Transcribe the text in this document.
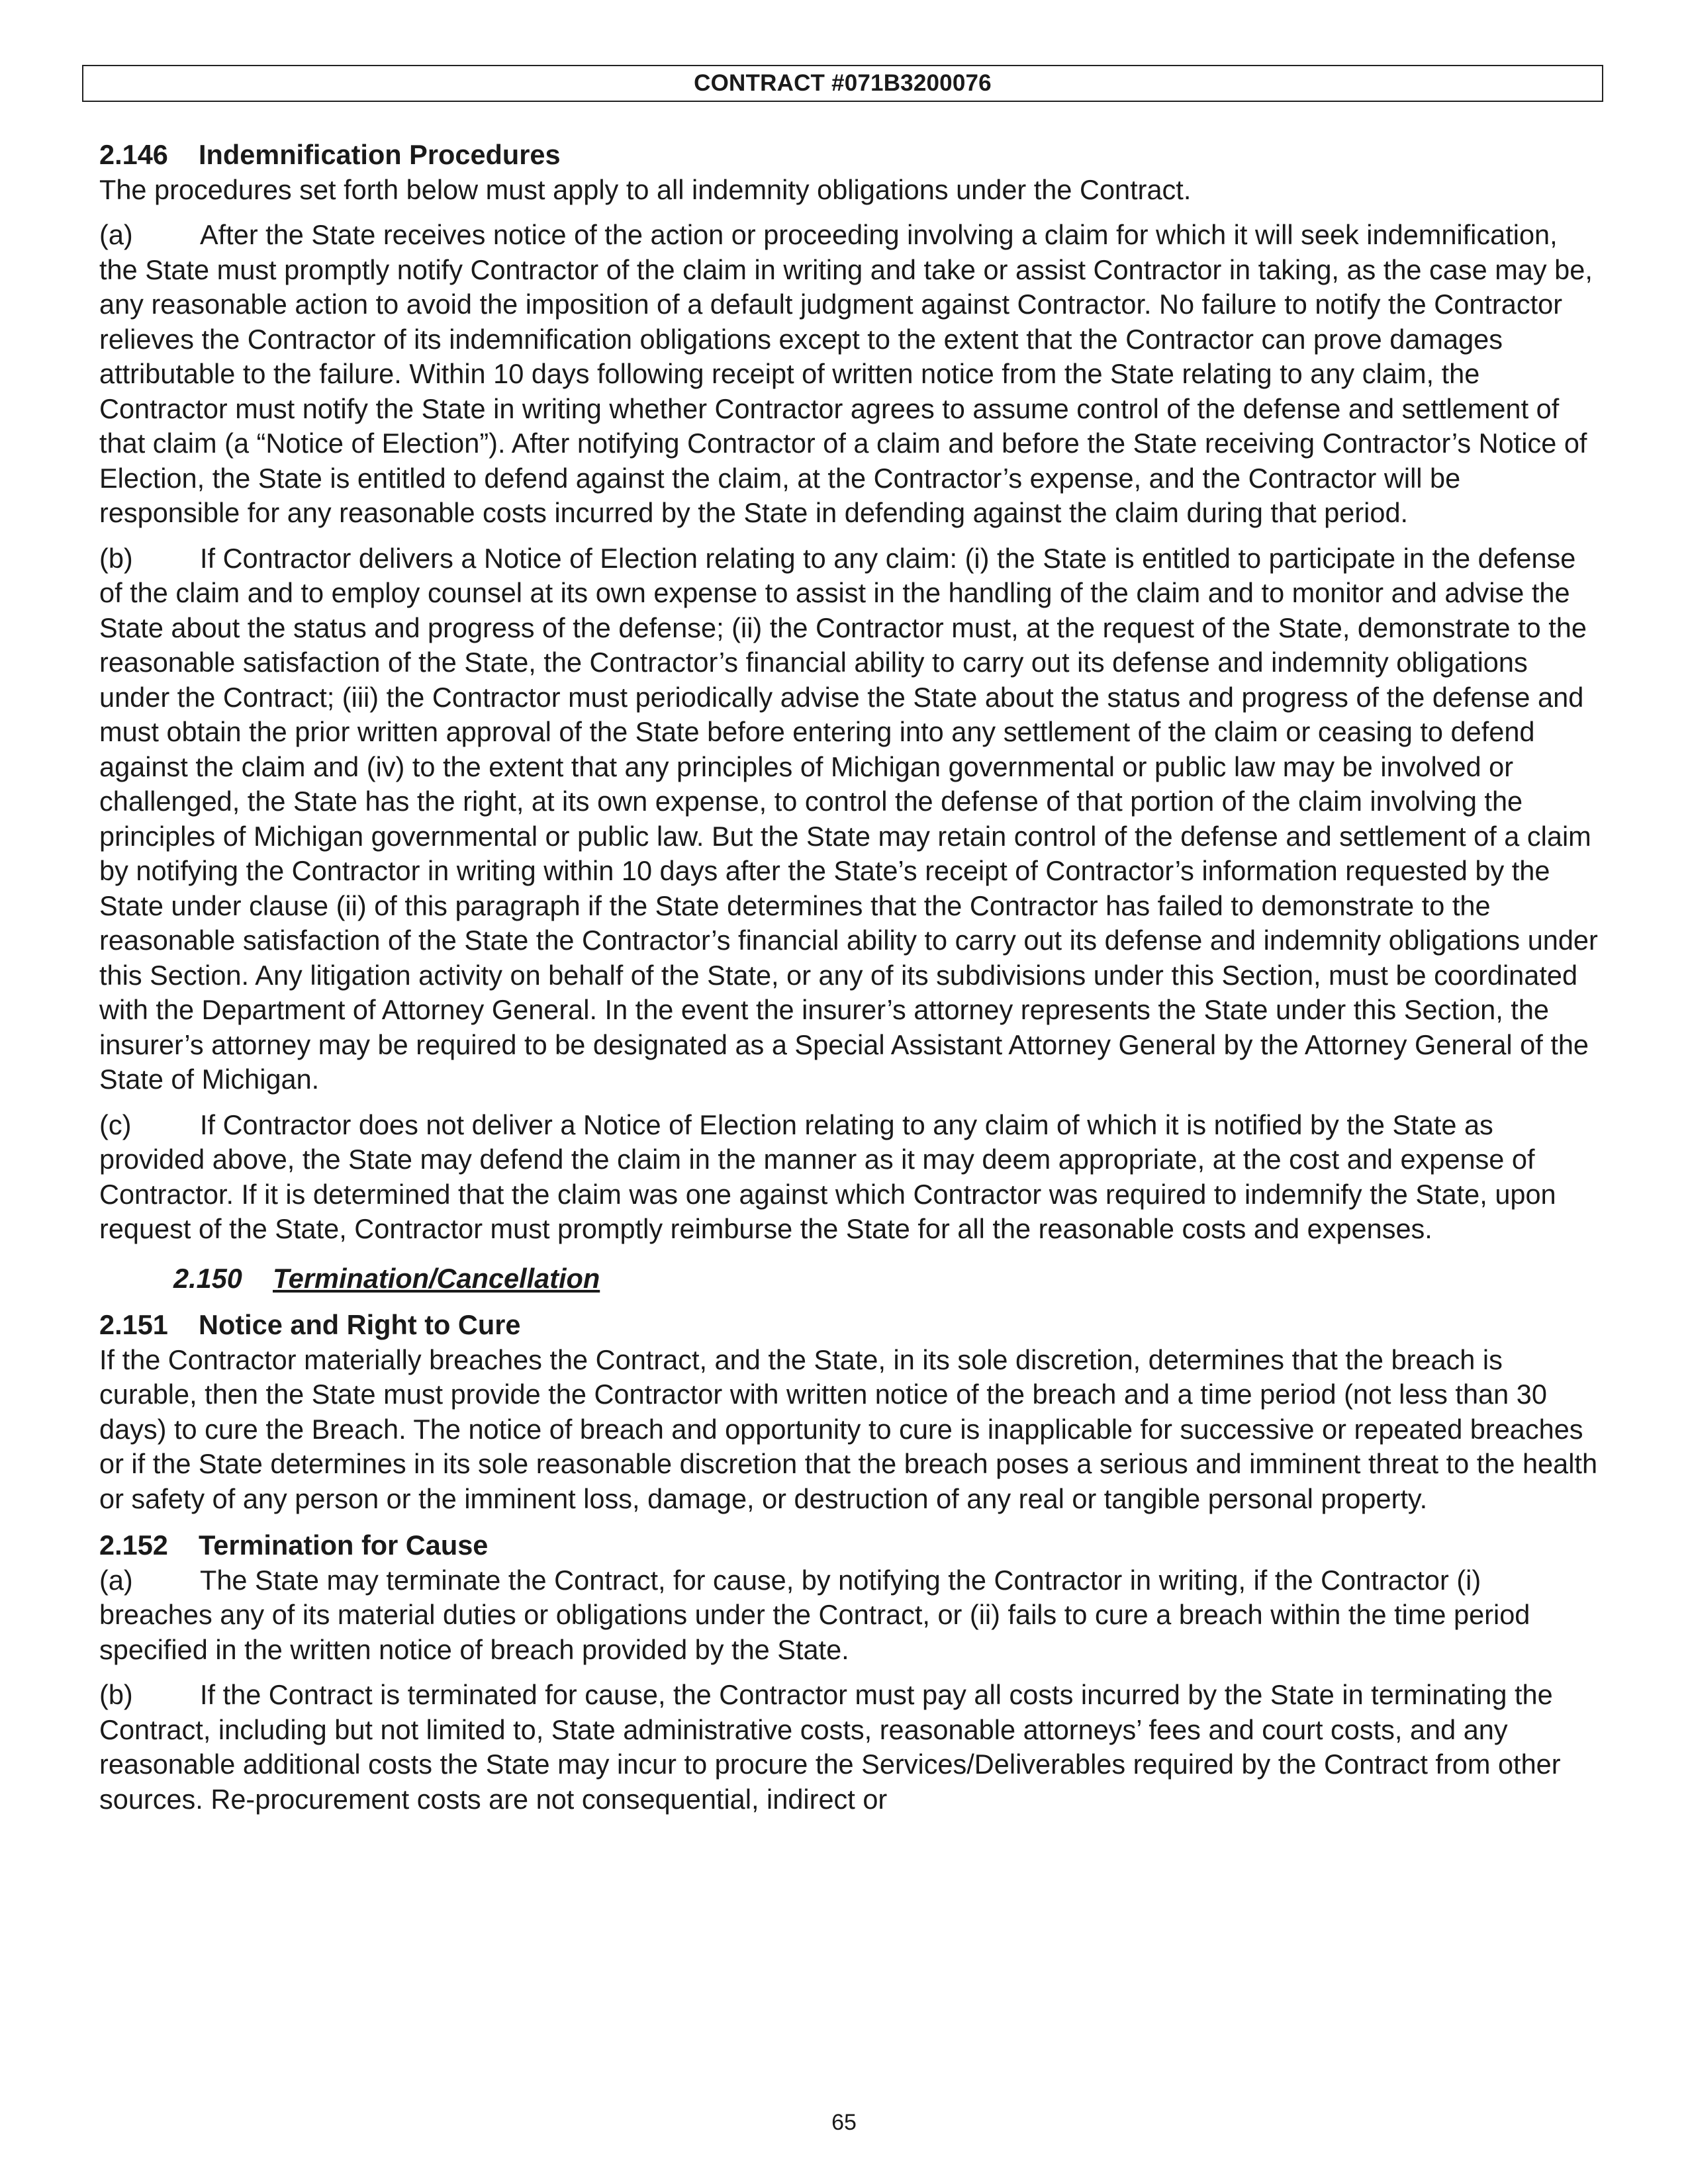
CONTRACT #071B3200076
2.146 Indemnification Procedures

The procedures set forth below must apply to all indemnity obligations under the Contract.

(a) After the State receives notice of the action or proceeding involving a claim for which it will seek indemnification, the State must promptly notify Contractor of the claim in writing and take or assist Contractor in taking, as the case may be, any reasonable action to avoid the imposition of a default judgment against Contractor. No failure to notify the Contractor relieves the Contractor of its indemnification obligations except to the extent that the Contractor can prove damages attributable to the failure. Within 10 days following receipt of written notice from the State relating to any claim, the Contractor must notify the State in writing whether Contractor agrees to assume control of the defense and settlement of that claim (a “Notice of Election”). After notifying Contractor of a claim and before the State receiving Contractor’s Notice of Election, the State is entitled to defend against the claim, at the Contractor’s expense, and the Contractor will be responsible for any reasonable costs incurred by the State in defending against the claim during that period.

(b) If Contractor delivers a Notice of Election relating to any claim: (i) the State is entitled to participate in the defense of the claim and to employ counsel at its own expense to assist in the handling of the claim and to monitor and advise the State about the status and progress of the defense; (ii) the Contractor must, at the request of the State, demonstrate to the reasonable satisfaction of the State, the Contractor’s financial ability to carry out its defense and indemnity obligations under the Contract; (iii) the Contractor must periodically advise the State about the status and progress of the defense and must obtain the prior written approval of the State before entering into any settlement of the claim or ceasing to defend against the claim and (iv) to the extent that any principles of Michigan governmental or public law may be involved or challenged, the State has the right, at its own expense, to control the defense of that portion of the claim involving the principles of Michigan governmental or public law. But the State may retain control of the defense and settlement of a claim by notifying the Contractor in writing within 10 days after the State’s receipt of Contractor’s information requested by the State under clause (ii) of this paragraph if the State determines that the Contractor has failed to demonstrate to the reasonable satisfaction of the State the Contractor’s financial ability to carry out its defense and indemnity obligations under this Section. Any litigation activity on behalf of the State, or any of its subdivisions under this Section, must be coordinated with the Department of Attorney General. In the event the insurer’s attorney represents the State under this Section, the insurer’s attorney may be required to be designated as a Special Assistant Attorney General by the Attorney General of the State of Michigan.

(c) If Contractor does not deliver a Notice of Election relating to any claim of which it is notified by the State as provided above, the State may defend the claim in the manner as it may deem appropriate, at the cost and expense of Contractor. If it is determined that the claim was one against which Contractor was required to indemnify the State, upon request of the State, Contractor must promptly reimburse the State for all the reasonable costs and expenses.

2.150 Termination/Cancellation
2.151 Notice and Right to Cure

If the Contractor materially breaches the Contract, and the State, in its sole discretion, determines that the breach is curable, then the State must provide the Contractor with written notice of the breach and a time period (not less than 30 days) to cure the Breach. The notice of breach and opportunity to cure is inapplicable for successive or repeated breaches or if the State determines in its sole reasonable discretion that the breach poses a serious and imminent threat to the health or safety of any person or the imminent loss, damage, or destruction of any real or tangible personal property.

2.152 Termination for Cause

(a) The State may terminate the Contract, for cause, by notifying the Contractor in writing, if the Contractor (i) breaches any of its material duties or obligations under the Contract, or (ii) fails to cure a breach within the time period specified in the written notice of breach provided by the State.

(b) If the Contract is terminated for cause, the Contractor must pay all costs incurred by the State in terminating the Contract, including but not limited to, State administrative costs, reasonable attorneys’ fees and court costs, and any reasonable additional costs the State may incur to procure the Services/Deliverables required by the Contract from other sources. Re-procurement costs are not consequential, indirect or

65
